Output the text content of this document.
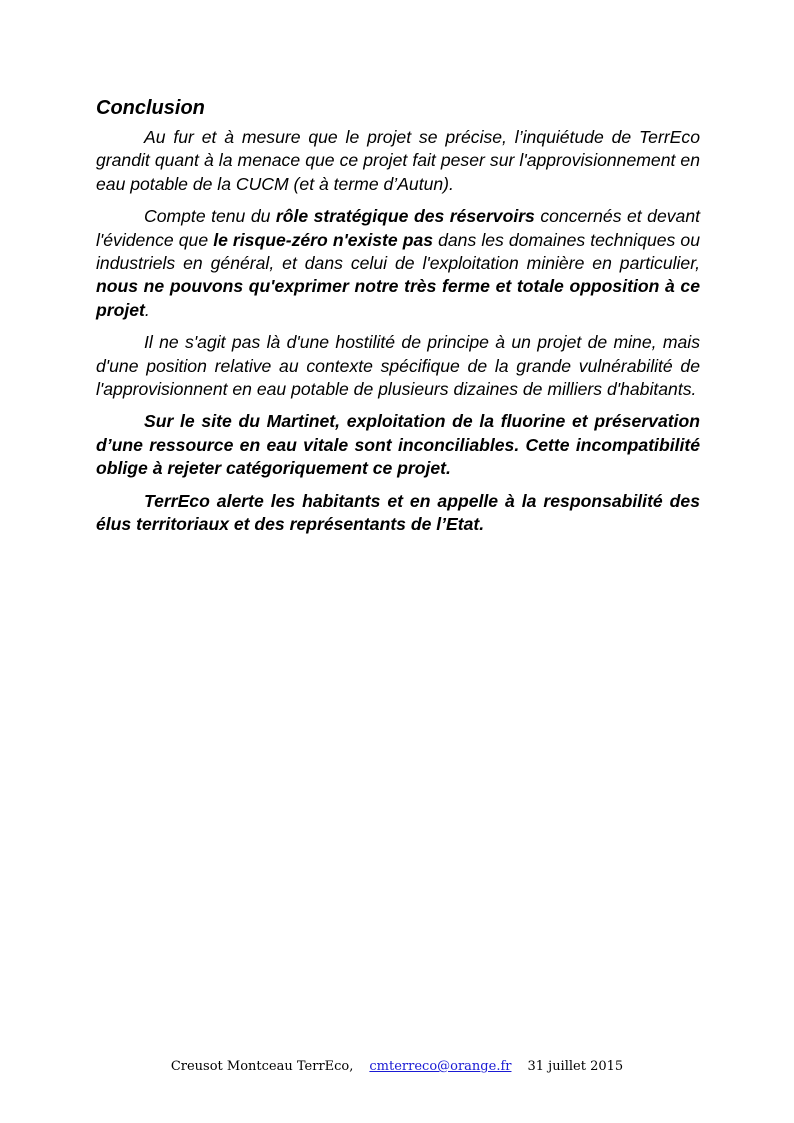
Conclusion

Au fur et à mesure que le projet se précise, l’inquiétude de TerrEco grandit quant à la menace que ce projet fait peser sur l'approvisionnement en eau potable de la CUCM (et à terme d’Autun).

Compte tenu du rôle stratégique des réservoirs concernés et devant l'évidence que le risque-zéro n'existe pas dans les domaines techniques ou industriels en général, et dans celui de l'exploitation minière en particulier, nous ne pouvons qu'exprimer notre très ferme et totale opposition à ce projet.

Il ne s'agit pas là d'une hostilité de principe à un projet de mine, mais d'une position relative au contexte spécifique de la grande vulnérabilité de l'approvisionnent en eau potable de plusieurs dizaines de milliers d'habitants.

Sur le site du Martinet, exploitation de la fluorine et préservation d’une ressource en eau vitale sont inconciliables. Cette incompatibilité oblige à rejeter catégoriquement ce projet.

TerrEco alerte les habitants et en appelle à la responsabilité des élus territoriaux et des représentants de l’Etat.

Creusot Montceau TerrEco, cmterreco@orange.fr 31 juillet 2015
